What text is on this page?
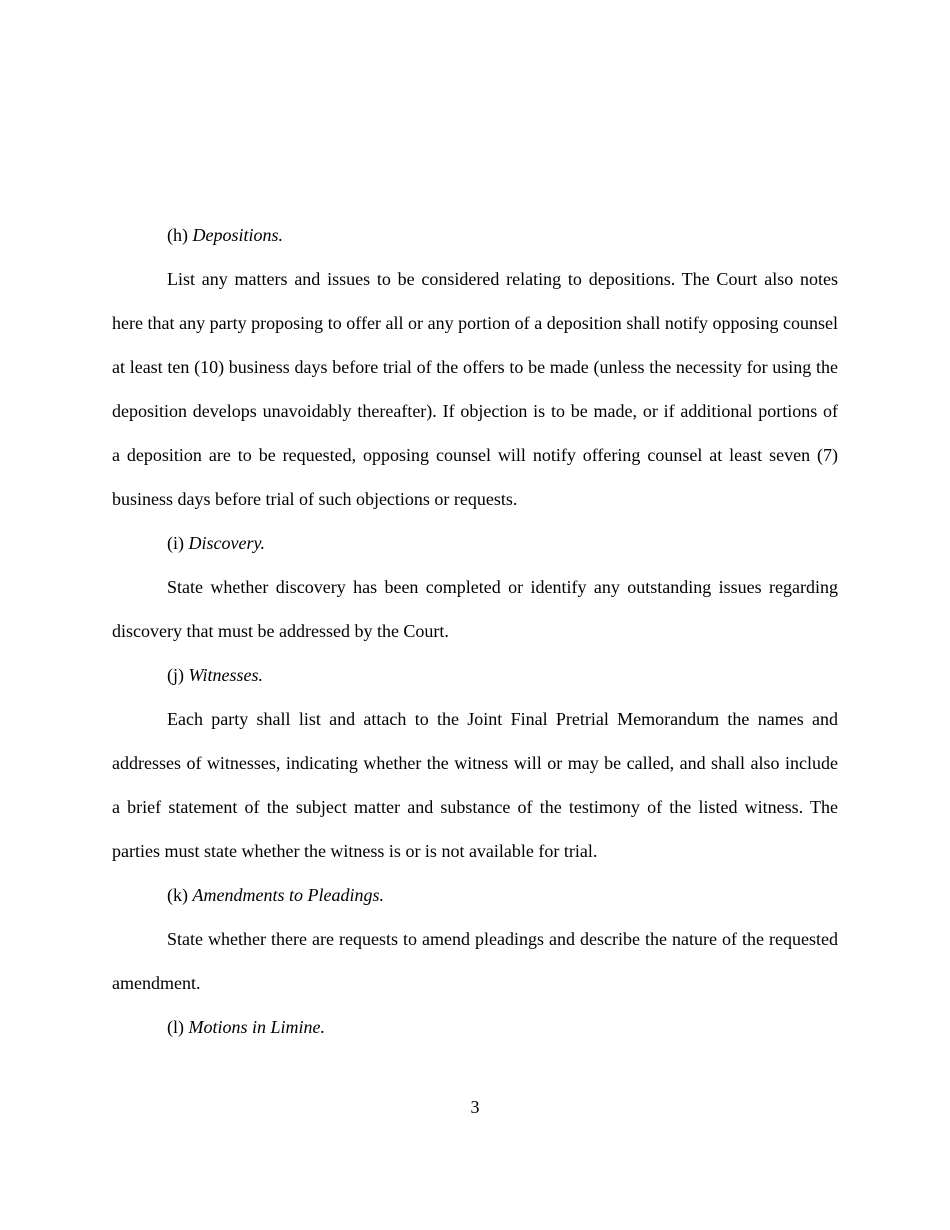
(h) Depositions.
List any matters and issues to be considered relating to depositions. The Court also notes
here that any party proposing to offer all or any portion of a deposition shall notify opposing counsel
at least ten (10) business days before trial of the offers to be made (unless the necessity for using the
deposition develops unavoidably thereafter). If objection is to be made, or if additional portions of
a deposition are to be requested, opposing counsel will notify offering counsel at least seven (7)
business days before trial of such objections or requests.
(i) Discovery.
State whether discovery has been completed or identify any outstanding issues regarding
discovery that must be addressed by the Court.
(j) Witnesses.
Each party shall list and attach to the Joint Final Pretrial Memorandum the names and
addresses of witnesses, indicating whether the witness will or may be called, and shall also include
a brief statement of the subject matter and substance of the testimony of the listed witness. The
parties must state whether the witness is or is not available for trial.
(k) Amendments to Pleadings.
State whether there are requests to amend pleadings and describe the nature of the requested
amendment.
(l) Motions in Limine.
3
